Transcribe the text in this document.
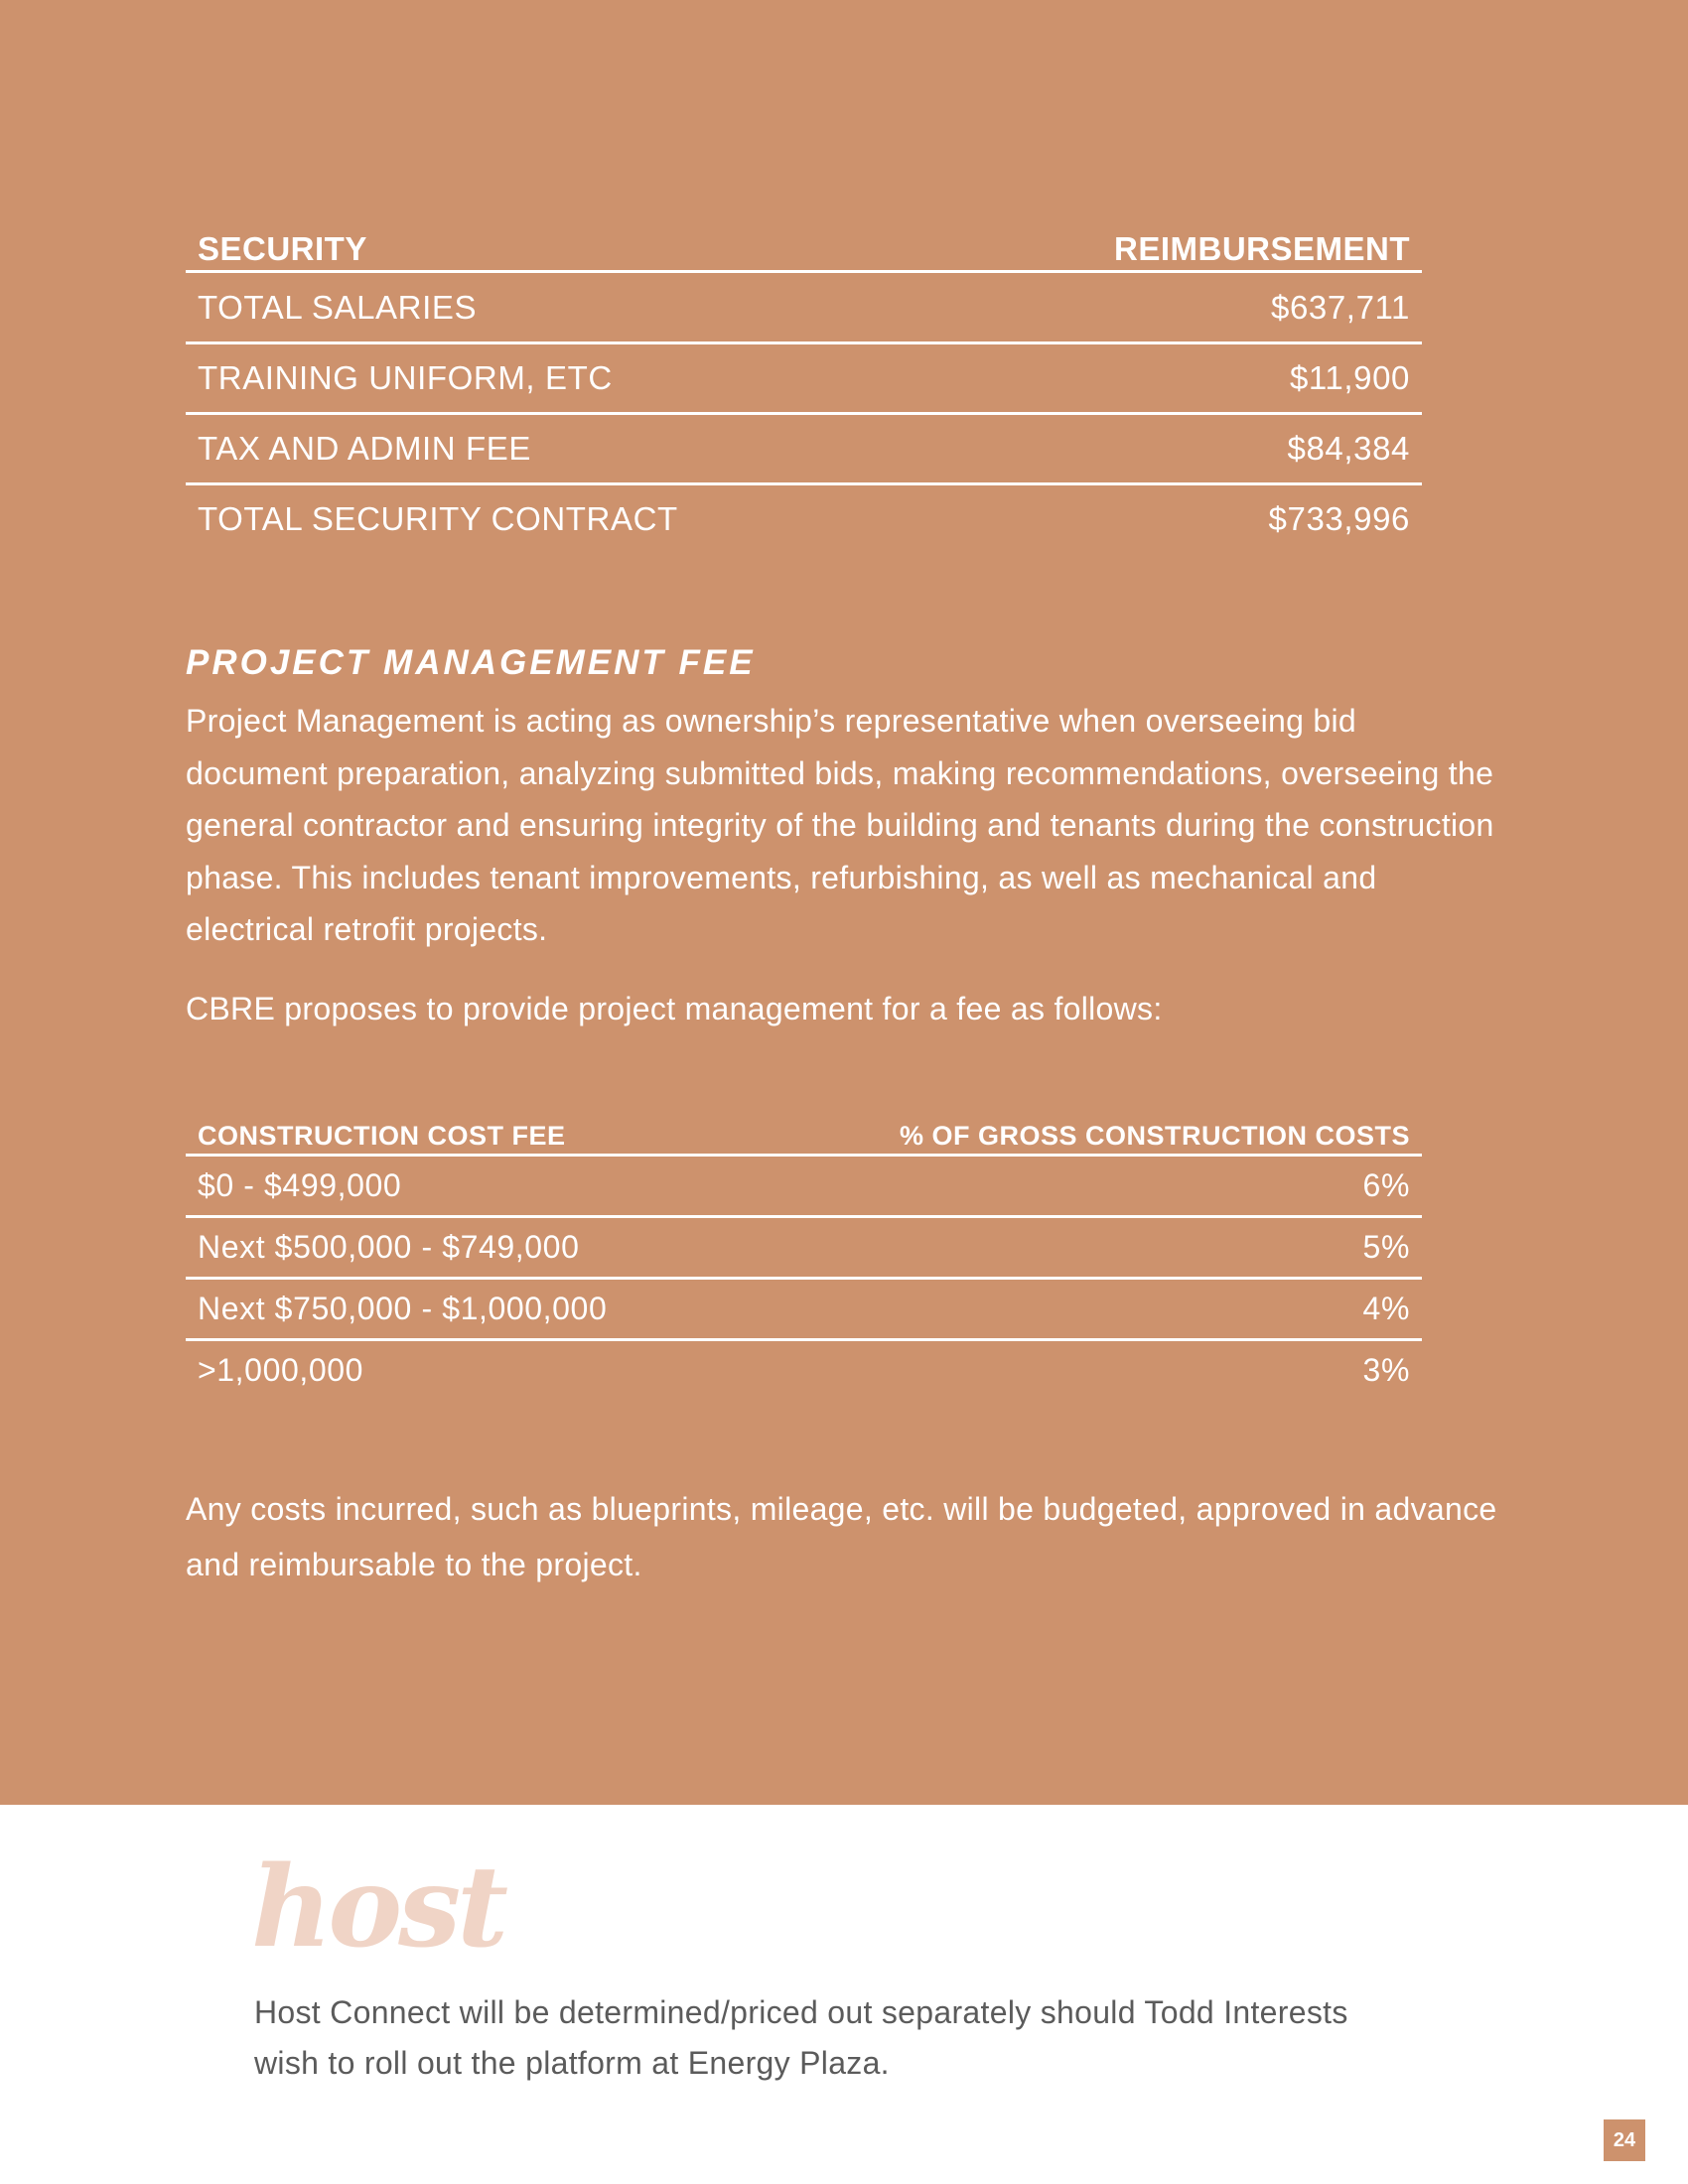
SECURITY	REIMBURSEMENT
TOTAL SALARIES	$637,711
TRAINING UNIFORM, ETC	$11,900
TAX AND ADMIN FEE	$84,384
TOTAL SECURITY CONTRACT	$733,996
PROJECT MANAGEMENT FEE
Project Management is acting as ownership’s representative when overseeing bid document preparation, analyzing submitted bids, making recommendations, overseeing the general contractor and ensuring integrity of the building and tenants during the construction phase. This includes tenant improvements, refurbishing, as well as mechanical and electrical retrofit projects.
CBRE proposes to provide project management for a fee as follows:
CONSTRUCTION COST FEE	% OF GROSS CONSTRUCTION COSTS
$0 - $499,000	6%
Next $500,000 - $749,000	5%
Next $750,000 - $1,000,000	4%
>1,000,000	3%
Any costs incurred, such as blueprints, mileage, etc. will be budgeted, approved in advance and reimbursable to the project.
host
Host Connect will be determined/priced out separately should Todd Interests wish to roll out the platform at Energy Plaza.
24
